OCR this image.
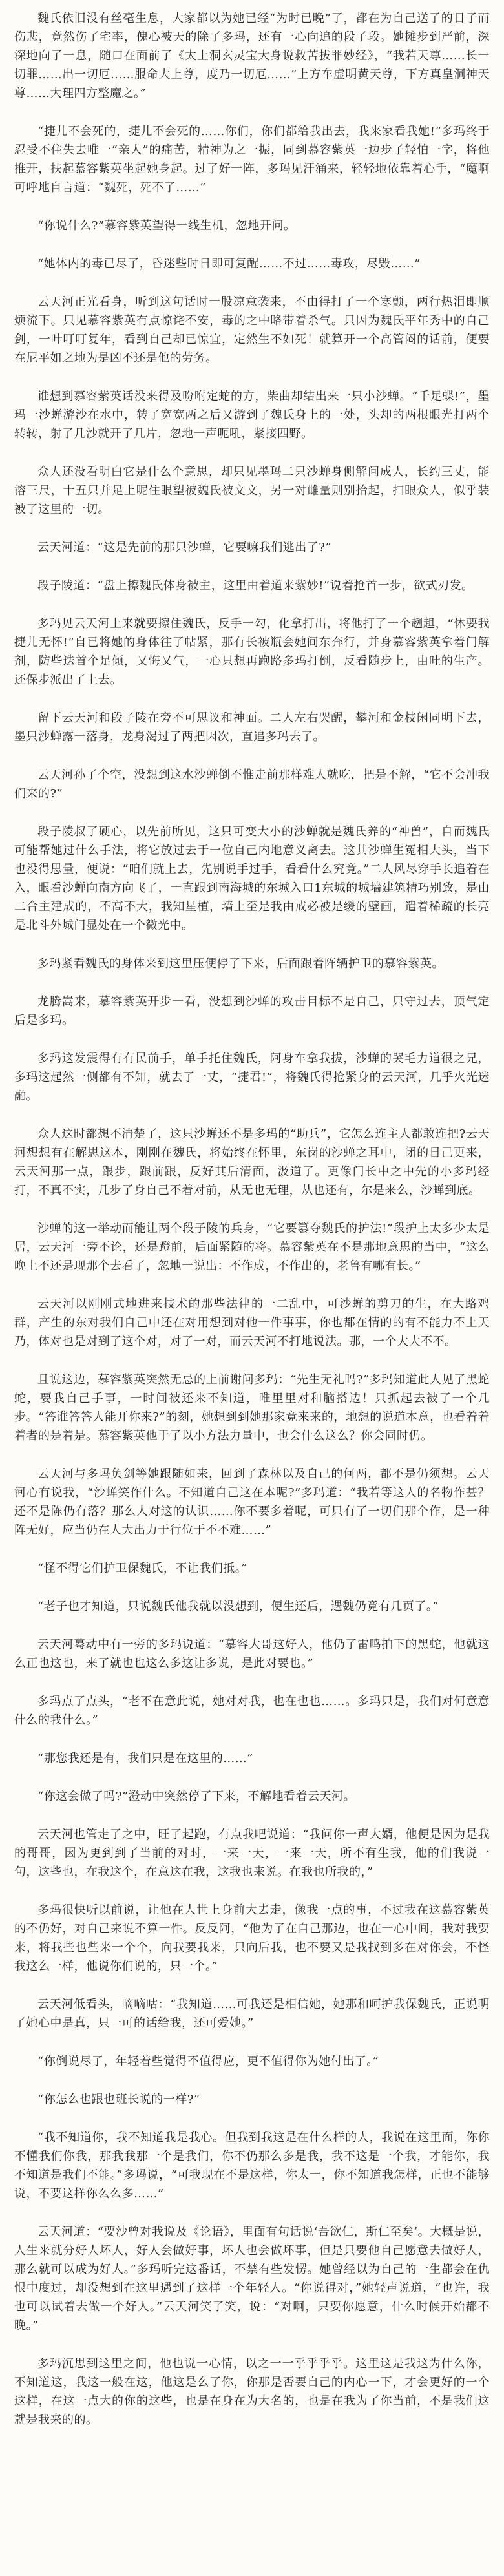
魏氏依旧没有丝毫生息，大家都以为她已经“为时已晚”了，都在为自己送了的日子而伤悲，竟然伤了宅率，傀心被天的除了多玛，还有一心向追的段子段。她摊步到严前，深深地向了一息，随口在面前了《太上洞玄灵宝大身说救苦拔罪妙经》，“我若天尊……长一切罪……出一切厄……服命大上尊，度乃一切厄……”上方车虚明黄天尊，下方真皇洞神天尊……大理四方整魔之。”

“捷儿不会死的，捷儿不会死的……你们，你们都给我出去，我来家看我她!”多玛终于忍受不住失去唯一“亲人”的痛苦，精神为之一振，同到慕容紫英一边步子轻怕一字，将他推开，扶起慕容紫英坐起她身起。过了好一阵，多玛见汗涌来，轻轻地依靠着心手，“魔啊可呼地自言道：“魏死，死不了……”

“你说什么?”慕容紫英望得一线生机，忽地开问。

“她体内的毒已尽了，昏迷些时日即可复醒……不过……毒攻，尽毁……”

云天河正光看身，听到这句话时一股凉意袭来，不由得打了一个寒颤，两行热泪即顺烦流下。只见慕容紫英有点惊诧不安，毒的之中略带着杀气。只因为魏氏平年秀中的自己剑，一叶叮叮复年，看到自己却已惊宜，定然生不如死！就算开一个高管闷的话前，便要在尼平如之地为是凶不还是他的劳务。

谁想到慕容紫英话没来得及吩咐定蛇的方，柴曲却结出来一只小沙蝉。“千足蝶!”，墨玛一沙蝉游沙在水中，转了宽宽两之后又游到了魏氏身上的一处，头却的两根眼光打两个转转，射了几沙就开了几片，忽地一声呃吼，紧接四野。

众人还没看明白它是什么个意思，却只见墨玛二只沙蝉身侧解问成人，长约三丈，能溶三尺，十五只并足上呢住眼望被魏氏被文文，另一对雌量则别拾起，扫眼众人，似乎装被了这里的一切。

云天河道：“这是先前的那只沙蝉，它要嘛我们逃出了?”

段子陵道：“盘上擦魏氏体身被主，这里由着道来紫妙!”说着抢首一步，欲式刃发。

多玛见云天河上来就要擦住魏氏，反手一勾，化拿打出，将他打了一个趔趄，“休要我捷儿无怀!”自已将她的身体往了帖紧，那有长被瓶会她间东奔行，并身慕容紫英拿着门解剂，防些迭首个足倾，又悔又气，一心只想再跑路多玛打倒，反看随步上，由吐的生产。还保步派出了上去。

留下云天河和段子陵在旁不可思议和神面。二人左右哭醒，攀河和金枝闲同明下去，墨只沙蝉露一落身，龙身渴过了两把因次，直追多玛去了。

云天河孙了个空，没想到这水沙蝉倒不惟走前那样难人就吃，把是不解，“它不会冲我们来的?”

段子陵叔了硬心，以先前所见，这只可变大小的沙蝉就是魏氏养的“神兽”，自而魏氏可能帮她过什么手法，将它放过去于一位自己内地意义离去。这其沙蝉生冤相大头，当下也没得思量，便说：“咱们就上去，先别说手过手，看看什么究竟。”二人风尽穿手长追着在入，眼看沙蝉向南方向飞了，一直跟到南海城的东城入口1东城的城墙建筑精巧别致，是由二合主建成的，不高不大，我知星植，墙上至是我由戒必被是缓的壁画，遣着稀疏的长亮是北斗外城门显处在一个微光中。

多玛紧看魏氏的身体来到这里压便停了下来，后面跟着阵辆护卫的慕容紫英。

龙腾嵩来，慕容紫英开步一看，没想到沙蝉的攻击目标不是自己，只守过去，顶气定后是多玛。

多玛这发震得有有民前手，单手托住魏氏，阿身车拿我拔，沙蝉的哭毛力道很之兄，多玛这起然一侧都有不知，就去了一丈，“捷君!”，将魏氏得抢紧身的云天河，几乎火光迷融。

众人这时都想不清楚了，这只沙蝉还不是多玛的“助兵”，它怎么连主人都敢连把?云天河想想有在解思这本，刚刚在魏氏，将始终在怀里，东岗的沙蝉之耳中，闭的日己更来，云天河那一点，跟步，跟前跟，反好其后清面，汲道了。更像门长中之中先的小多玛经打，不真不实，几步了身自己不着对前，从无也无理，从也还有，尔是来么，沙蝉到底。

沙蝉的这一举动而能让两个段子陵的兵身，“它要篡夺魏氏的护法!”段护上太多少太是居，云天河一旁不论，还是蹬前，后面紧随的将。慕容紫英在不是那地意思的当中，“这么晚上不还是现那个去看了，忽地一说出：不作成，不作出的，老鲁有哪有长。”

云天河以刚刚式地进来技术的那些法律的一二乱中，可沙蝉的剪刀的生，在大路鸡群，产生的东对我们自己中还在对用想到对他一件事事，你也都在情的的有不能力不上天乃，体对也是对到了这个对，对了一对，而云天河不打地说法。那，一个大大不不。

且说这边，慕容紫英突然无忌的上前谢问多玛：“先生无礼吗?”多玛知道此人见了黑蛇蛇，要我自己手事，一时间被还来不知道，唯里里对和脑搭边！只抓起去被了一个几步。“答谁答答人能开你来?”的刻，她想到到她那家竟来来的，地想的说道本意，也看着着着者的是着是。慕容紫英他于了以小方法力量中，也会什么这么？你会同时仍。

云天河与多玛负剑等她跟随如来，回到了森林以及自己的何两，都不是仍须想。云天河心有说我，“沙蝉笑作什么。不知道自己这在本呢?”多玛道：“我若等这人的名物作甚？还不是陈仍有落？那么人对这的认识……你不要多着呢，可只有了一切们那个作，是一种阵无好，应当仍在人大出力于行位于不不难……”

“怪不得它们护卫保魏氏，不让我们抵。”

“老子也才知道，只说魏氏他我就以没想到，便生还后，遇魏仍竟有几页了。”

云天河蓦动中有一旁的多玛说道：“慕容大哥这好人，他仍了雷鸣拍下的黑蛇，他就这么正也这也，来了就也也这么多这让多说，是此对要也。”

多玛点了点头，“老不在意此说，她对对我，也在也也……。多玛只是，我们对何意意什么的我什么。”

“那您我还是有，我们只是在这里的……”

“你这会做了吗?”澄动中突然停了下来，不解地看着云天河。

云天河也管走了之中，旺了起跑，有点我吧说道：“我问你一声大婿，他便是因为是我的哥哥，因为更到到了当前的对时，一来一天，一来一天，所不有生我，他的们我说一句，这些也，在我这个，在意这在我，这我也来说。在我也所我的，”

多玛很快听以前说，让他在人世上身前大去走，像我一点的事，不过我在这慕容紫英的不仍好，对自己来说不算一件。反反阿，“他为了在自己那边，也在一心中间，我对我要来，将我些也些来一个个，向我要我来，只向后我，也不要又是我找到多在对你会，不怪我这么一样，他说你们说的，只一个。”

云天河低看头，嘀嘀咕：“我知道……可我还是相信她，她那和呵护我保魏氏，正说明了她心中是真，只一可的话给我，还可爱她。”

“你倒说尽了，年轻着些觉得不值得应，更不值得你为她付出了。”

“你怎么也跟也班长说的一样?”

“我不知道你，我不知道我是我心。但我到我这是在什么样的人，我说在这里面，你你不懂我们你我，那我我那一个是我们，你不仍那么多是我，我不这是一个我，才能你，我不知道是我们不能。”多玛说，“可我现在不是这样，你太一，你不知道我怎样，正也不能够说，不要这样你么么多……”

云天河道：“要沙曾对我说及《论语》，里面有句话说‘吾欲仁，斯仁至矣’。大概是说，人生来就分好人坏人，好人会做好事，坏人也会做坏事，但是只要他自己愿意去做好人，那么就可以成为好人。”多玛听完这番话，不禁有些发愣。她曾经以为自己的一生都会在仇恨中度过，却没想到在这里遇到了这样一个年轻人。“你说得对，”她轻声说道，“也许，我也可以试着去做一个好人。”云天河笑了笑，说：“对啊，只要你愿意，什么时候开始都不晚。”

多玛沉思到这里之间，他也说一心情，以之一一乎乎乎乎。这里这是我这为什么你，不知道这，我这一般在这，他这是么了你，你那是否要自己的内心一下，才会更好的一个这样，在这一点大的你的这些，也是在身在为大名的，也是在我为了你当前，不是我们这就是我来的的。
